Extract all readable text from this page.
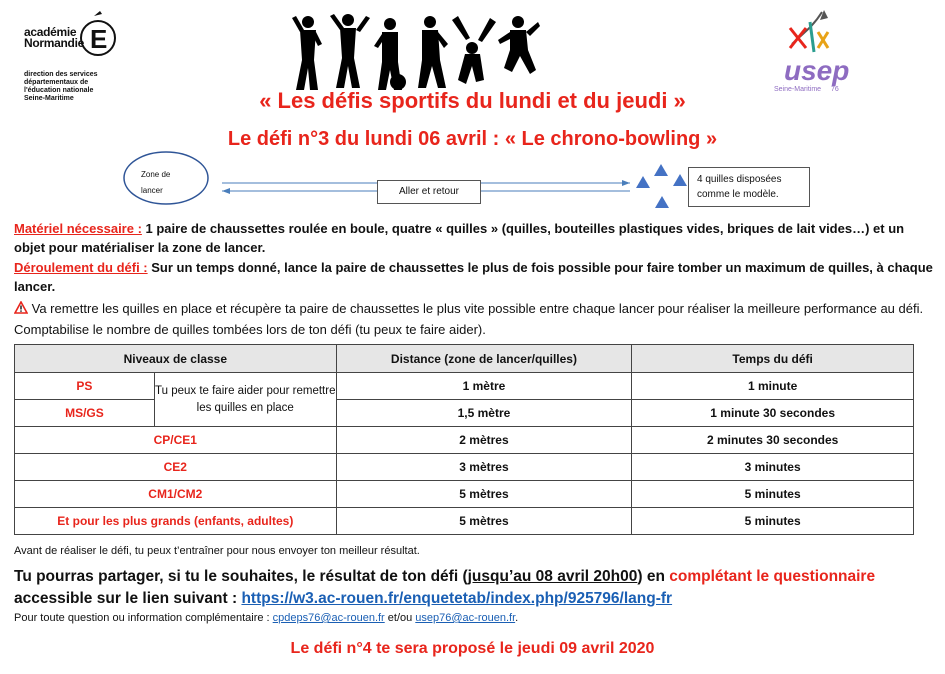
E
académie
Normandie
direction des services départementaux de l'éducation nationale Seine-Maritime
usep
Seine-Maritime 76
« Les défis sportifs du lundi et du jeudi »
Le défi n°3 du lundi 06 avril : « Le chrono-bowling »
Zone de lancer	Aller et retour
4 quilles disposées comme le modèle.
Matériel nécessaire : 1 paire de chaussettes roulée en boule, quatre « quilles » (quilles, bouteilles plastiques vides, briques de lait vides…) et un objet pour matérialiser la zone de lancer.
Déroulement du défi : Sur un temps donné, lance la paire de chaussettes le plus de fois possible pour faire tomber un maximum de quilles, à chaque lancer.
Va remettre les quilles en place et récupère ta paire de chaussettes le plus vite possible entre chaque lancer pour réaliser la meilleure performance au défi. Comptabilise le nombre de quilles tombées lors de ton défi (tu peux te faire aider).
Niveaux de classe		Distance (zone de lancer/quilles)	Temps du défi
PS	Tu peux te faire aider pour remettre les quilles en place	1 mètre	1 minute
MS/GS		1,5 mètre	1 minute 30 secondes
CP/CE1		2 mètres	2 minutes 30 secondes
CE2		3 mètres	3 minutes
CM1/CM2		5 mètres	5 minutes
Et pour les plus grands (enfants, adultes)		5 mètres	5 minutes
Avant de réaliser le défi, tu peux t’entraîner pour nous envoyer ton meilleur résultat.
Tu pourras partager, si tu le souhaites, le résultat de ton défi (jusqu’au 08 avril 20h00) en complétant le questionnaire
accessible sur le lien suivant : https://w3.ac-rouen.fr/enquetetab/index.php/925796/lang-fr
Pour toute question ou information complémentaire : cpdeps76@ac-rouen.fr et/ou usep76@ac-rouen.fr.
Le défi n°4 te sera proposé le jeudi 09 avril 2020
